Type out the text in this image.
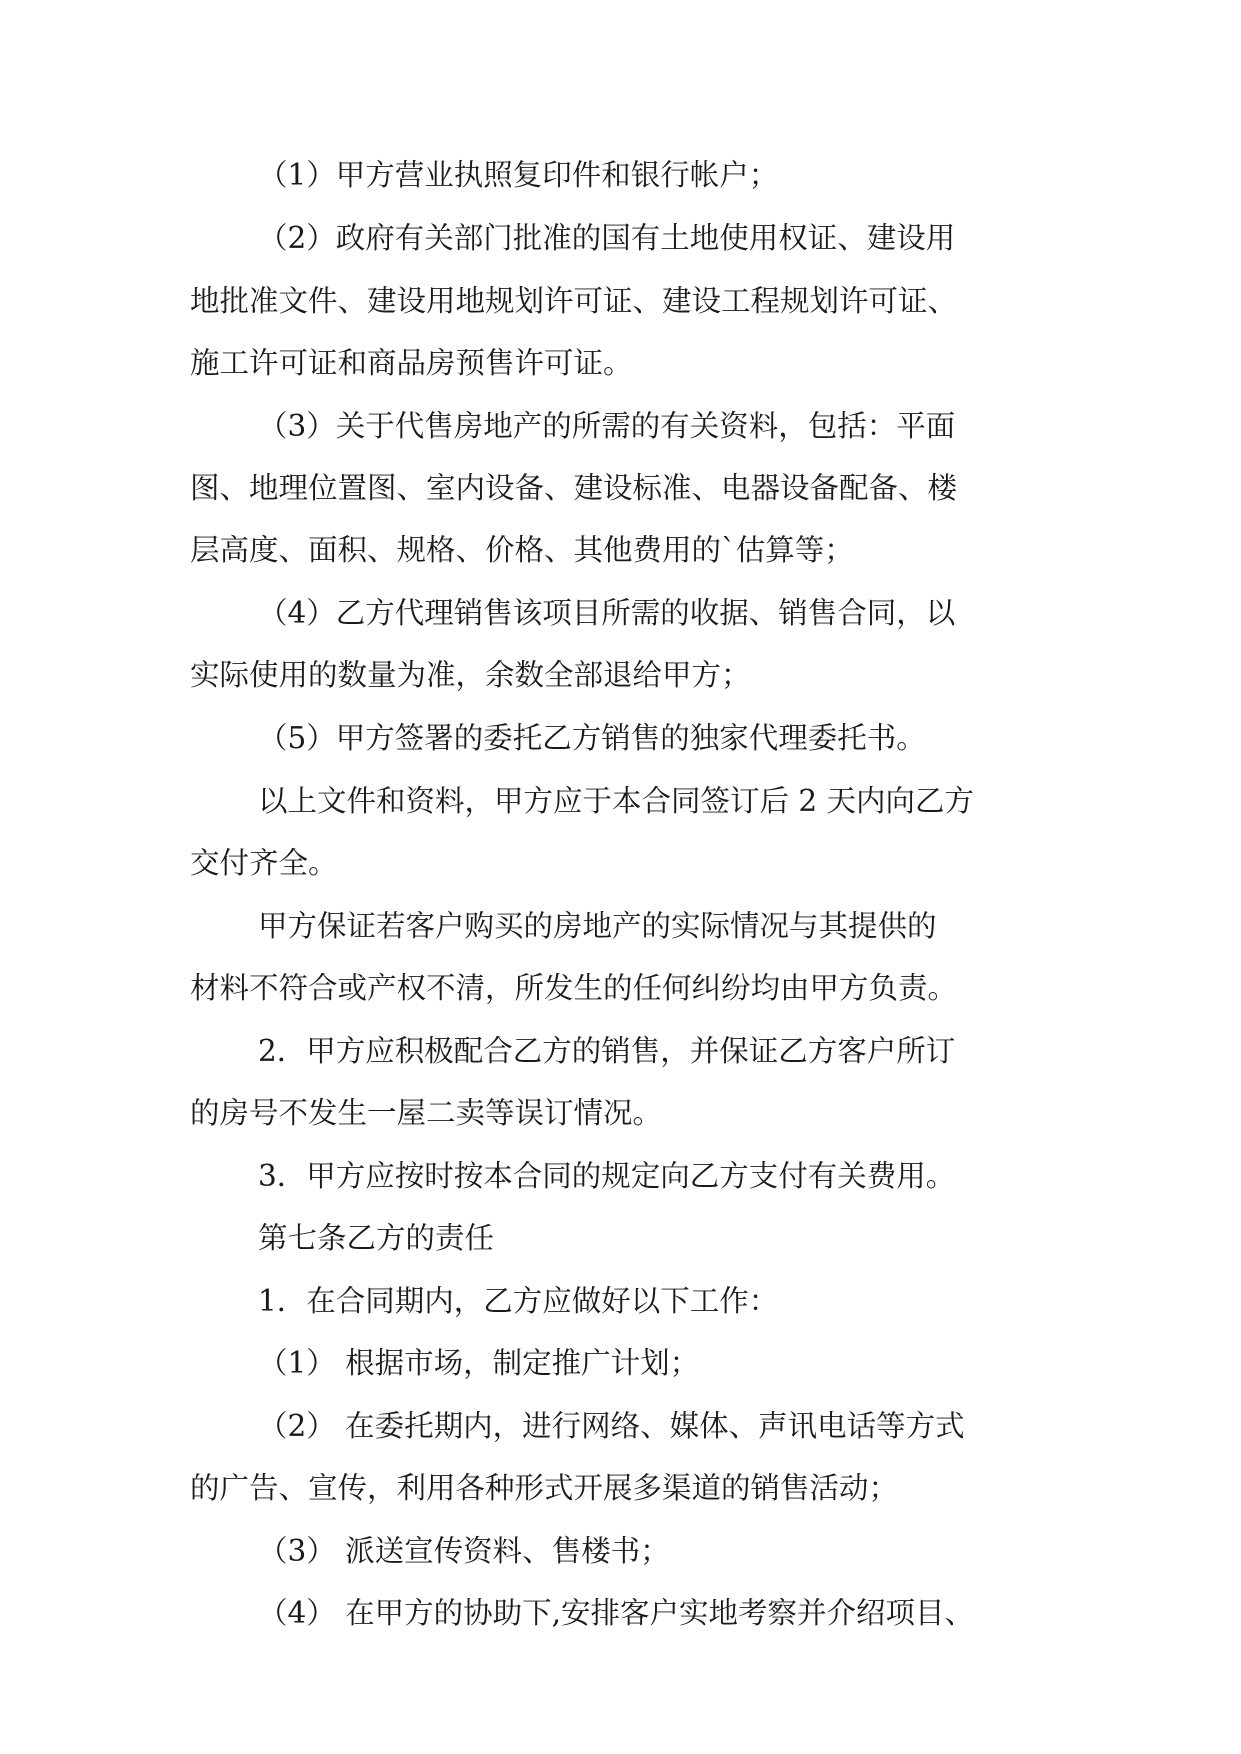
（1）甲方营业执照复印件和银行帐户；

（2）政府有关部门批准的国有土地使用权证、建设用

地批准文件、建设用地规划许可证、建设工程规划许可证、

施工许可证和商品房预售许可证。

（3）关于代售房地产的所需的有关资料，包括：平面

图、地理位置图、室内设备、建设标准、电器设备配备、楼

层高度、面积、规格、价格、其他费用的`估算等；

（4）乙方代理销售该项目所需的收据、销售合同，以

实际使用的数量为准，余数全部退给甲方；

（5）甲方签署的委托乙方销售的独家代理委托书。

以上文件和资料，甲方应于本合同签订后 2 天内向乙方

交付齐全。

甲方保证若客户购买的房地产的实际情况与其提供的

材料不符合或产权不清，所发生的任何纠纷均由甲方负责。

2．甲方应积极配合乙方的销售，并保证乙方客户所订

的房号不发生一屋二卖等误订情况。

3．甲方应按时按本合同的规定向乙方支付有关费用。

第七条乙方的责任

1．在合同期内，乙方应做好以下工作：

（1） 根据市场，制定推广计划；

（2） 在委托期内，进行网络、媒体、声讯电话等方式

的广告、宣传，利用各种形式开展多渠道的销售活动；

（3） 派送宣传资料、售楼书；

（4） 在甲方的协助下,安排客户实地考察并介绍项目、
